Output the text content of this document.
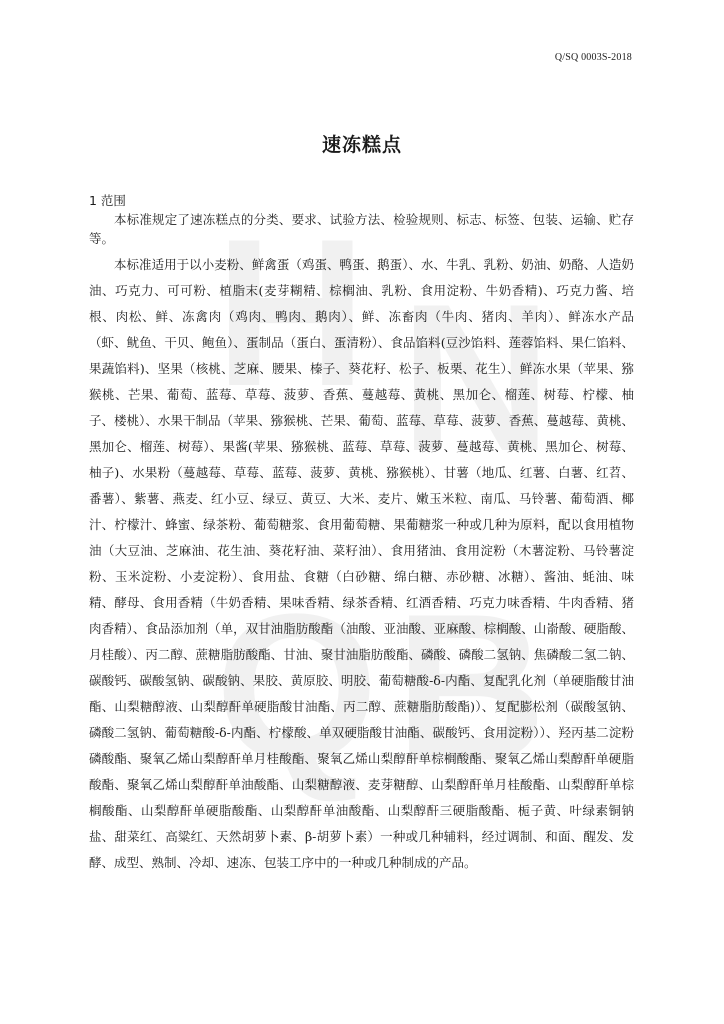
H N
Q B
Q/SQ 0003S-2018
速冻糕点
1 范围

本标准规定了速冻糕点的分类、要求、试验方法、检验规则、标志、标签、包装、运输、贮存等。

本标准适用于以小麦粉、鲜禽蛋（鸡蛋、鸭蛋、鹅蛋）、水、牛乳、乳粉、奶油、奶酪、人造奶油、巧克力、可可粉、植脂末(麦芽糊精、棕榈油、乳粉、食用淀粉、牛奶香精)、巧克力酱、培根、肉松、鲜、冻禽肉（鸡肉、鸭肉、鹅肉）、鲜、冻畜肉（牛肉、猪肉、羊肉）、鲜冻水产品（虾、鱿鱼、干贝、鲍鱼）、蛋制品（蛋白、蛋清粉）、食品馅料(豆沙馅料、莲蓉馅料、果仁馅料、果蔬馅料)、坚果（核桃、芝麻、腰果、榛子、葵花籽、松子、板栗、花生）、鲜冻水果（苹果、猕猴桃、芒果、葡萄、蓝莓、草莓、菠萝、香蕉、蔓越莓、黄桃、黑加仑、榴莲、树莓、柠檬、柚子、楼桃）、水果干制品（苹果、猕猴桃、芒果、葡萄、蓝莓、草莓、菠萝、香蕉、蔓越莓、黄桃、黑加仑、榴莲、树莓）、果酱(苹果、猕猴桃、蓝莓、草莓、菠萝、蔓越莓、黄桃、黑加仑、树莓、柚子)、水果粉（蔓越莓、草莓、蓝莓、菠萝、黄桃、猕猴桃）、甘薯（地瓜、红薯、白薯、红苕、番薯）、紫薯、燕麦、红小豆、绿豆、黄豆、大米、麦片、嫩玉米粒、南瓜、马铃薯、葡萄酒、椰汁、柠檬汁、蜂蜜、绿茶粉、葡萄糖浆、食用葡萄糖、果葡糖浆一种或几种为原料，配以食用植物油（大豆油、芝麻油、花生油、葵花籽油、菜籽油）、食用猪油、食用淀粉（木薯淀粉、马铃薯淀粉、玉米淀粉、小麦淀粉）、食用盐、食糖（白砂糖、绵白糖、赤砂糖、冰糖）、酱油、蚝油、味精、酵母、食用香精（牛奶香精、果味香精、绿茶香精、红酒香精、巧克力味香精、牛肉香精、猪肉香精）、食品添加剂（单，双甘油脂肪酸酯（油酸、亚油酸、亚麻酸、棕榈酸、山嵛酸、硬脂酸、月桂酸）、丙二醇、蔗糖脂肪酸酯、甘油、聚甘油脂肪酸酯、磷酸、磷酸二氢钠、焦磷酸二氢二钠、碳酸钙、碳酸氢钠、碳酸钠、果胶、黄原胶、明胶、葡萄糖酸-δ-内酯、复配乳化剂（单硬脂酸甘油酯、山梨糖醇液、山梨醇酐单硬脂酸甘油酯、丙二醇、蔗糖脂肪酸酯)）、复配膨松剂（碳酸氢钠、磷酸二氢钠、葡萄糖酸-δ-内酯、柠檬酸、单双硬脂酸甘油酯、碳酸钙、食用淀粉））、羟丙基二淀粉磷酸酯、聚氧乙烯山梨醇酐单月桂酸酯、聚氧乙烯山梨醇酐单棕榈酸酯、聚氧乙烯山梨醇酐单硬脂酸酯、聚氧乙烯山梨醇酐单油酸酯、山梨糖醇液、麦芽糖醇、山梨醇酐单月桂酸酯、山梨醇酐单棕榈酸酯、山梨醇酐单硬脂酸酯、山梨醇酐单油酸酯、山梨醇酐三硬脂酸酯、栀子黄、叶绿素铜钠盐、甜菜红、高粱红、天然胡萝卜素、β-胡萝卜素）一种或几种辅料，经过调制、和面、醒发、发酵、成型、熟制、冷却、速冻、包装工序中的一种或几种制成的产品。
